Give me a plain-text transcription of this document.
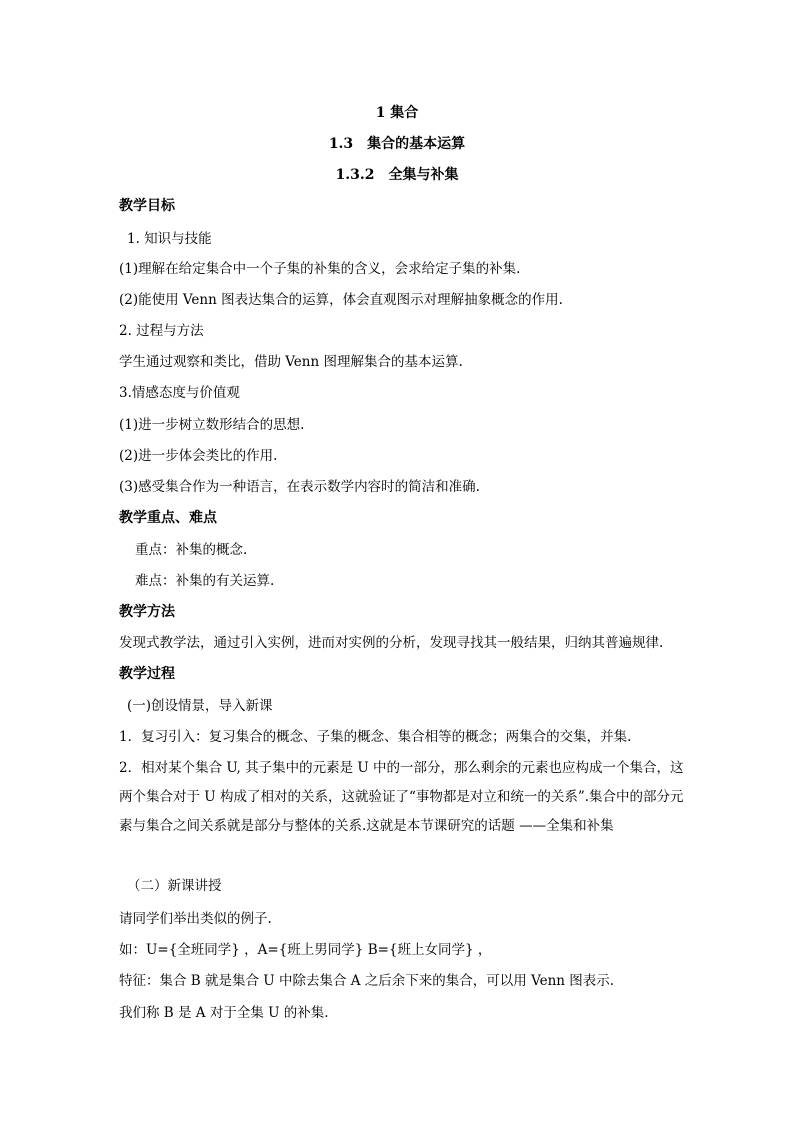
1 集合
1.3　集合的基本运算
1.3.2　全集与补集
教学目标
1. 知识与技能
(1)理解在给定集合中一个子集的补集的含义，会求给定子集的补集.
(2)能使用 Venn 图表达集合的运算，体会直观图示对理解抽象概念的作用.
2. 过程与方法
学生通过观察和类比，借助 Venn 图理解集合的基本运算.
3.情感态度与价值观
(1)进一步树立数形结合的思想.
(2)进一步体会类比的作用.
(3)感受集合作为一种语言，在表示数学内容时的简洁和准确.
教学重点、难点
重点：补集的概念.
难点：补集的有关运算.
教学方法
发现式教学法，通过引入实例，进而对实例的分析，发现寻找其一般结果，归纳其普遍规律.
教学过程
(一)创设情景，导入新课
1．复习引入：复习集合的概念、子集的概念、集合相等的概念；两集合的交集，并集.
2．相对某个集合 U, 其子集中的元素是 U 中的一部分，那么剩余的元素也应构成一个集合，这两个集合对于 U 构成了相对的关系，这就验证了“事物都是对立和统一的关系”.集合中的部分元素与集合之间关系就是部分与整体的关系.这就是本节课研究的话题 ——全集和补集
（二）新课讲授
请同学们举出类似的例子.
如：U={全班同学} ，A={班上男同学} B={班上女同学} ，
特征：集合 B 就是集合 U 中除去集合 A 之后余下来的集合，可以用 Venn 图表示.
我们称 B 是 A 对于全集 U 的补集.
